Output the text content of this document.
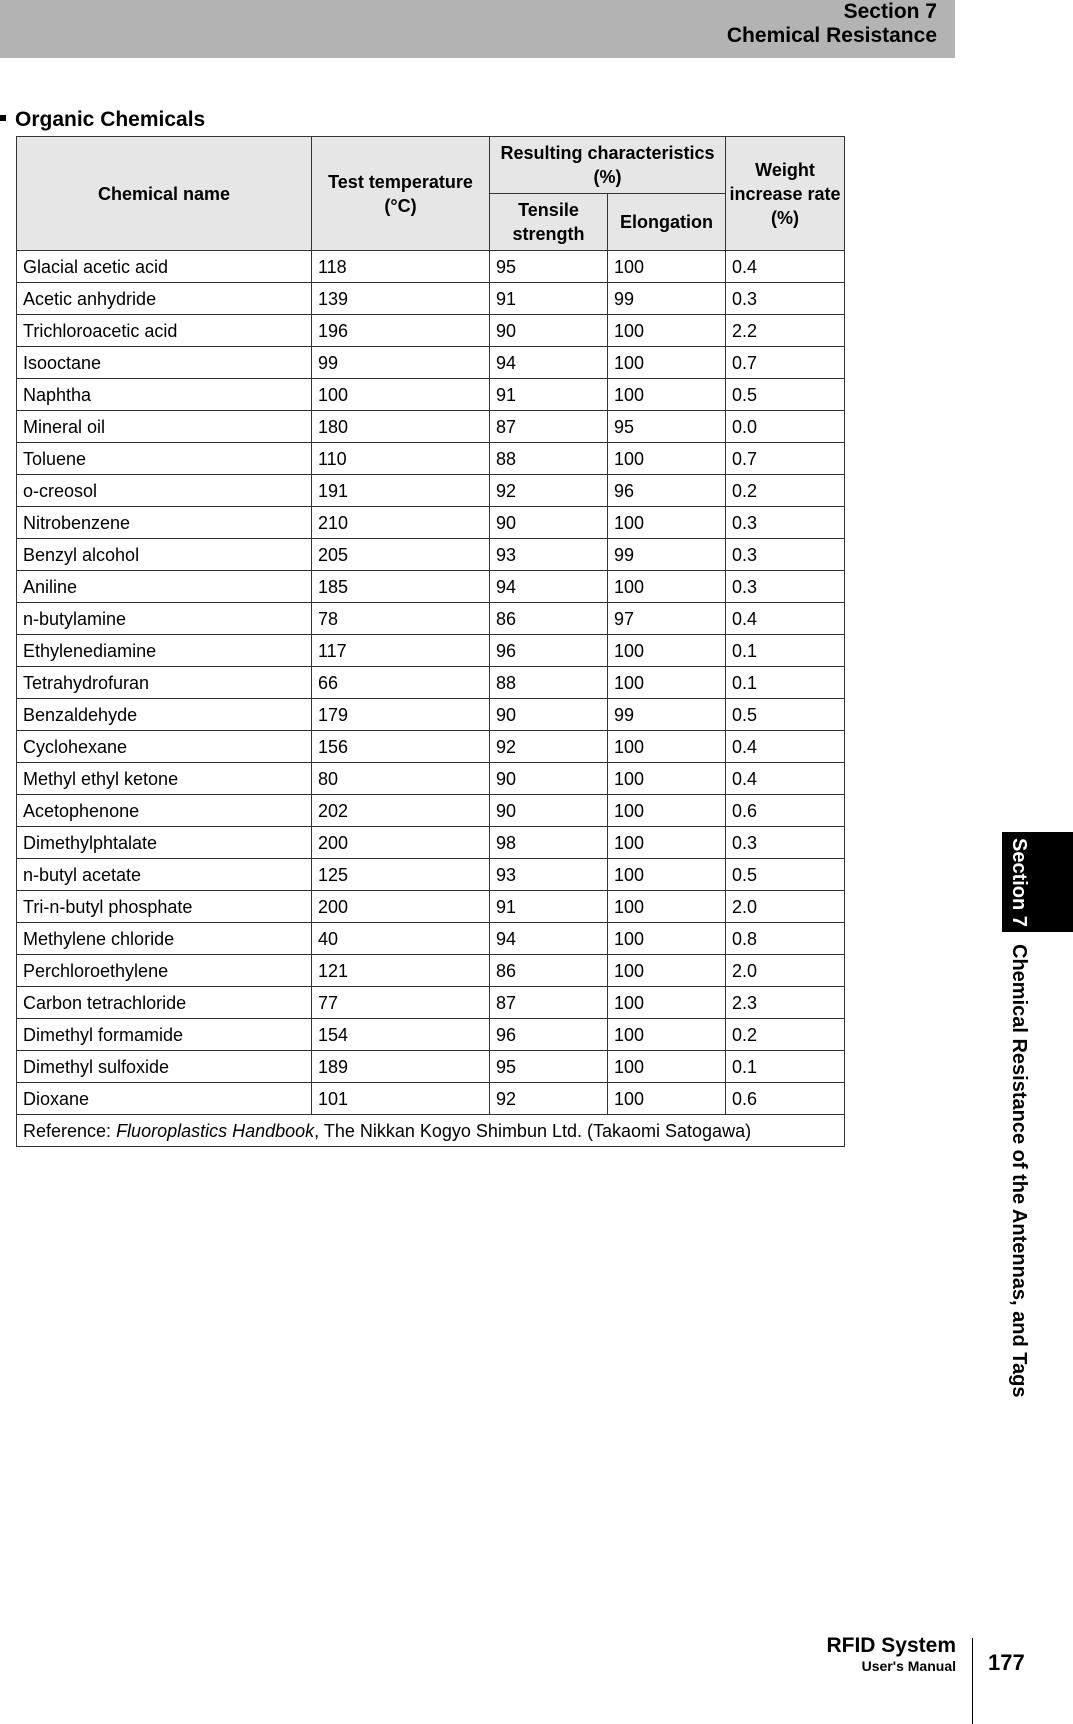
Section 7
Chemical Resistance
Organic Chemicals
Chemical name	Test temperature (°C)	Resulting characteristics (%)		Weight increase rate (%)
		Tensile strength	Elongation	
Glacial acetic acid	118	95	100	0.4
Acetic anhydride	139	91	99	0.3
Trichloroacetic acid	196	90	100	2.2
Isooctane	99	94	100	0.7
Naphtha	100	91	100	0.5
Mineral oil	180	87	95	0.0
Toluene	110	88	100	0.7
o-creosol	191	92	96	0.2
Nitrobenzene	210	90	100	0.3
Benzyl alcohol	205	93	99	0.3
Aniline	185	94	100	0.3
n-butylamine	78	86	97	0.4
Ethylenediamine	117	96	100	0.1
Tetrahydrofuran	66	88	100	0.1
Benzaldehyde	179	90	99	0.5
Cyclohexane	156	92	100	0.4
Methyl ethyl ketone	80	90	100	0.4
Acetophenone	202	90	100	0.6
Dimethylphtalate	200	98	100	0.3
n-butyl acetate	125	93	100	0.5
Tri-n-butyl phosphate	200	91	100	2.0
Methylene chloride	40	94	100	0.8
Perchloroethylene	121	86	100	2.0
Carbon tetrachloride	77	87	100	2.3
Dimethyl formamide	154	96	100	0.2
Dimethyl sulfoxide	189	95	100	0.1
Dioxane	101	92	100	0.6
Reference: Fluoroplastics Handbook, The Nikkan Kogyo Shimbun Ltd. (Takaomi Satogawa)				
Section 7Chemical Resistance of the Antennas, and Tags
RFID System
User's Manual 177
